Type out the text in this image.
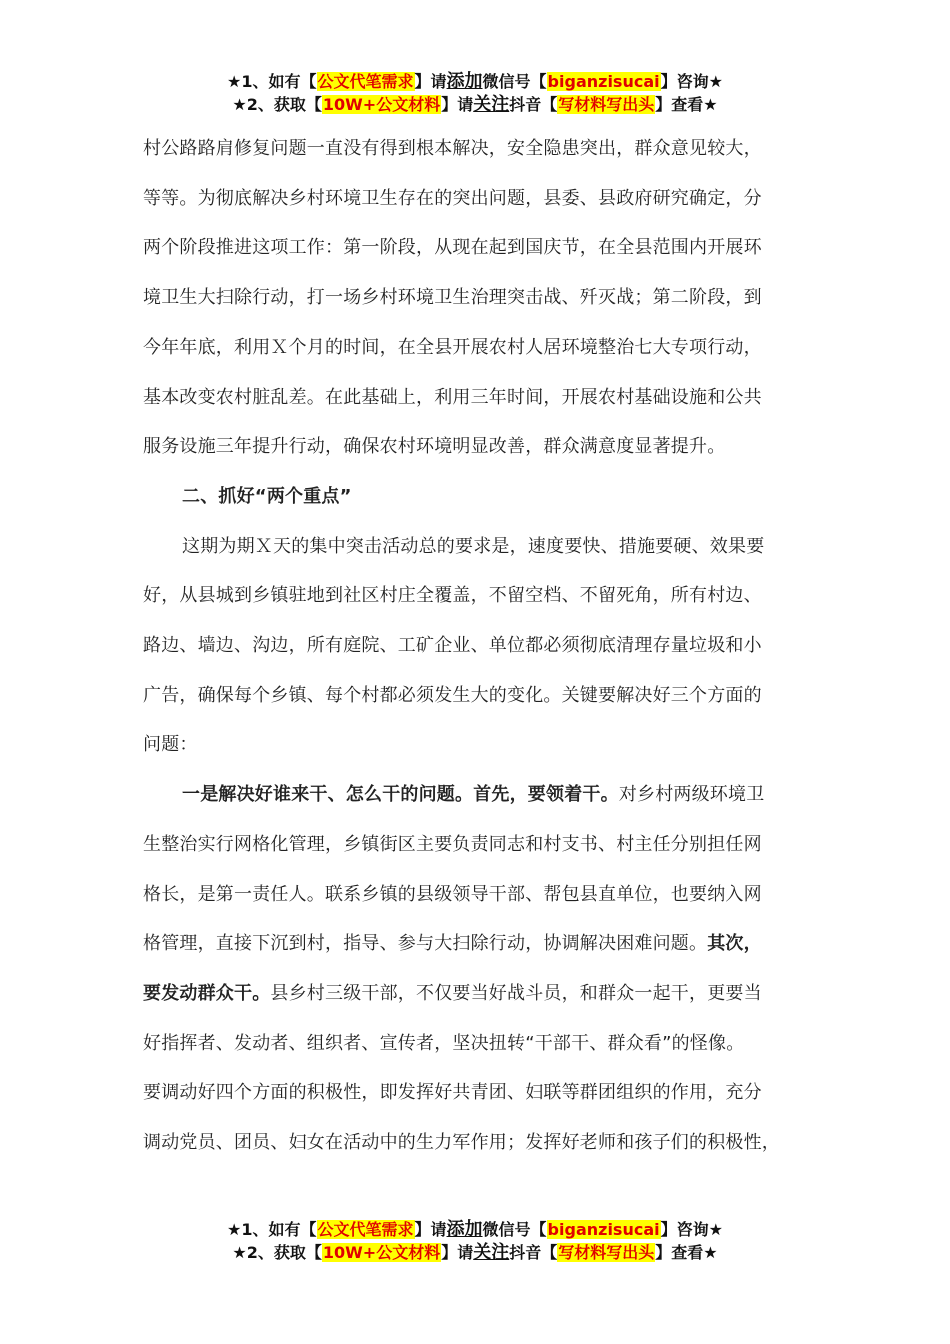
★1、如有【公文代笔需求】请添加微信号【biganzisucai】咨询★
★2、获取【10W+公文材料】请关注抖音【写材料写出头】查看★

村公路路肩修复问题一直没有得到根本解决，安全隐患突出，群众意见较大，

等等。为彻底解决乡村环境卫生存在的突出问题，县委、县政府研究确定，分

两个阶段推进这项工作：第一阶段，从现在起到国庆节，在全县范围内开展环

境卫生大扫除行动，打一场乡村环境卫生治理突击战、歼灭战；第二阶段，到

今年年底，利用Ｘ个月的时间，在全县开展农村人居环境整治七大专项行动，

基本改变农村脏乱差。在此基础上，利用三年时间，开展农村基础设施和公共

服务设施三年提升行动，确保农村环境明显改善，群众满意度显著提升。

二、抓好“两个重点”

这期为期Ｘ天的集中突击活动总的要求是，速度要快、措施要硬、效果要

好，从县城到乡镇驻地到社区村庄全覆盖，不留空档、不留死角，所有村边、

路边、墙边、沟边，所有庭院、工矿企业、单位都必须彻底清理存量垃圾和小

广告，确保每个乡镇、每个村都必须发生大的变化。关键要解决好三个方面的

问题：

一是解决好谁来干、怎么干的问题。首先，要领着干。对乡村两级环境卫

生整治实行网格化管理，乡镇街区主要负责同志和村支书、村主任分别担任网

格长，是第一责任人。联系乡镇的县级领导干部、帮包县直单位，也要纳入网

格管理，直接下沉到村，指导、参与大扫除行动，协调解决困难问题。其次，

要发动群众干。县乡村三级干部，不仅要当好战斗员，和群众一起干，更要当

好指挥者、发动者、组织者、宣传者，坚决扭转“干部干、群众看”的怪像。

要调动好四个方面的积极性，即发挥好共青团、妇联等群团组织的作用，充分

调动党员、团员、妇女在活动中的生力军作用；发挥好老师和孩子们的积极性，

★1、如有【公文代笔需求】请添加微信号【biganzisucai】咨询★
★2、获取【10W+公文材料】请关注抖音【写材料写出头】查看★
